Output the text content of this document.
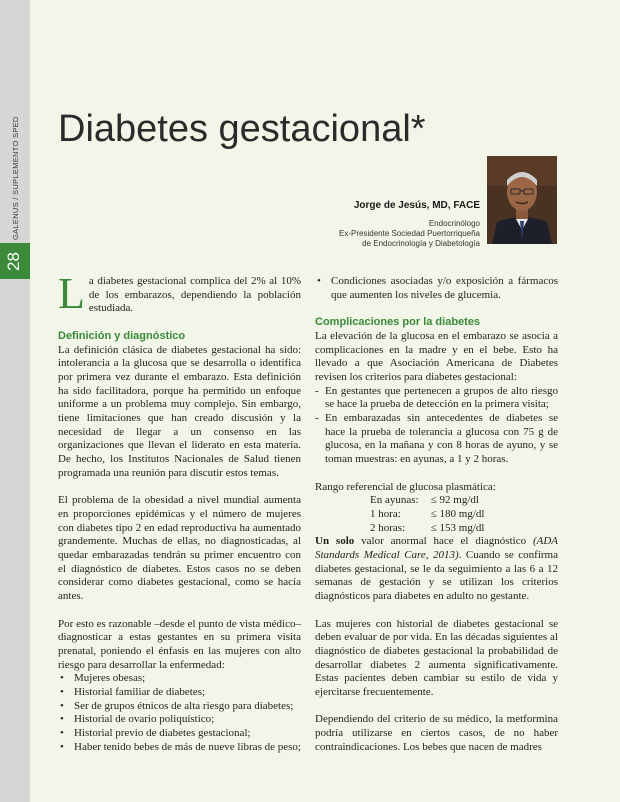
GALENUS / SUPLEMENTO SPED
28
Diabetes gestacional*
Jorge de Jesús, MD, FACE
Endocrinólogo
Ex-Presidente Sociedad Puertorriqueña
de Endocrinología y Diabetología

La diabetes gestacional complica del 2% al 10% de los embarazos, dependiendo la población estudiada.

Definición y diagnóstico

La definición clásica de diabetes gestacional ha sido: intolerancia a la glucosa que se desarrolla o identifica por primera vez durante el embarazo. Esta definición ha sido facilitadora, porque ha permitido un enfoque uniforme a un problema muy complejo. Sin embargo, tiene limitaciones que han creado discusión y la necesidad de llegar a un consenso en las organizaciones que llevan el liderato en esta materia. De hecho, los Institutos Nacionales de Salud tienen programada una reunión para discutir estos temas.

El problema de la obesidad a nivel mundial aumenta en proporciones epidémicas y el número de mujeres con diabetes tipo 2 en edad reproductiva ha aumentado grandemente. Muchas de ellas, no diagnosticadas, al quedar embarazadas tendrán su primer encuentro con el diagnóstico de diabetes. Estos casos no se deben considerar como diabetes gestacional, como se hacía antes.

Por esto es razonable –desde el punto de vista médico– diagnosticar a estas gestantes en su primera visita prenatal, poniendo el énfasis en las mujeres con alto riesgo para desarrollar la enfermedad:

• Mujeres obesas;
• Historial familiar de diabetes;
• Ser de grupos étnicos de alta riesgo para diabetes;
• Historial de ovario poliquístico;
• Historial previo de diabetes gestacional;
• Haber tenido bebes de más de nueve libras de peso;
• Condiciones asociadas y/o exposición a fármacos que aumenten los niveles de glucemia.
Complicaciones por la diabetes

La elevación de la glucosa en el embarazo se asocia a complicaciones en la madre y en el bebe. Esto ha llevado a que Asociación Americana de Diabetes revisen los criterios para diabetes gestacional:

- En gestantes que pertenecen a grupos de alto riesgo se hace la prueba de detección en la primera visita;
- En embarazadas sin antecedentes de diabetes se hace la prueba de tolerancia a glucosa con 75 g de glucosa, en la mañana y con 8 horas de ayuno, y se toman muestras: en ayunas, a 1 y 2 horas.

Rango referencial de glucosa plasmática:

En ayunas: ≤ 92 mg/dl
1 hora:	≤ 180 mg/dl
2 horas: ≤ 153 mg/dl

Un solo valor anormal hace el diagnóstico (ADA Standards Medical Care, 2013). Cuando se confirma diabetes gestacional, se le da seguimiento a las 6 a 12 semanas de gestación y se utilizan los criterios diagnósticos para diabetes en adulto no gestante.

Las mujeres con historial de diabetes gestacional se deben evaluar de por vida. En las décadas siguientes al diagnóstico de diabetes gestacional la probabilidad de desarrollar diabetes 2 aumenta significativamente. Estas pacientes deben cambiar su estilo de vida y ejercitarse frecuentemente.

Dependiendo del criterio de su médico, la metformina podría utilizarse en ciertos casos, de no haber contraindicaciones. Los bebes que nacen de madres
